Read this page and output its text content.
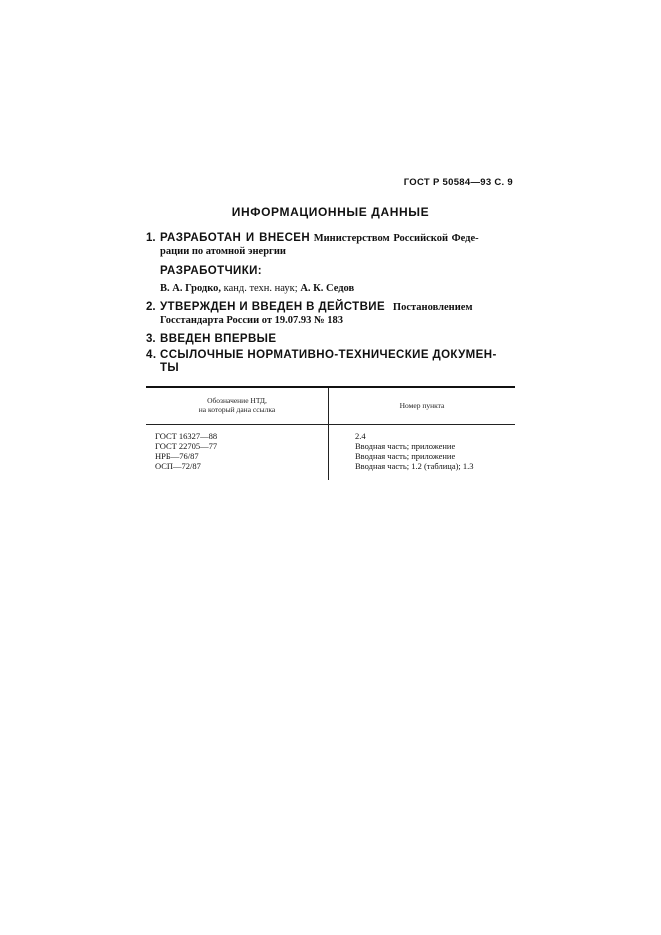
ГОСТ Р 50584—93 С. 9
ИНФОРМАЦИОННЫЕ ДАННЫЕ
1. РАЗРАБОТАН И ВНЕСЕН Министерством Российской Феде-
рации по атомной энергии
РАЗРАБОТЧИКИ:
В. А. Гродко, канд. техн. наук; А. К. Седов
2. УТВЕРЖДЕН И ВВЕДЕН В ДЕЙСТВИЕ Постановлением
Госстандарта России от 19.07.93 № 183
3. ВВЕДЕН ВПЕРВЫЕ
4. ССЫЛОЧНЫЕ НОРМАТИВНО-ТЕХНИЧЕСКИЕ ДОКУМЕН-
ТЫ
Обозначение НТД,
на который дана ссылка	Номер пункта
ГОСТ 16327—88
ГОСТ 22705—77
НРБ—76/87
ОСП—72/87
2.4
Вводная часть; приложение
Вводная часть; приложение
Вводная часть; 1.2 (таблица); 1.3
